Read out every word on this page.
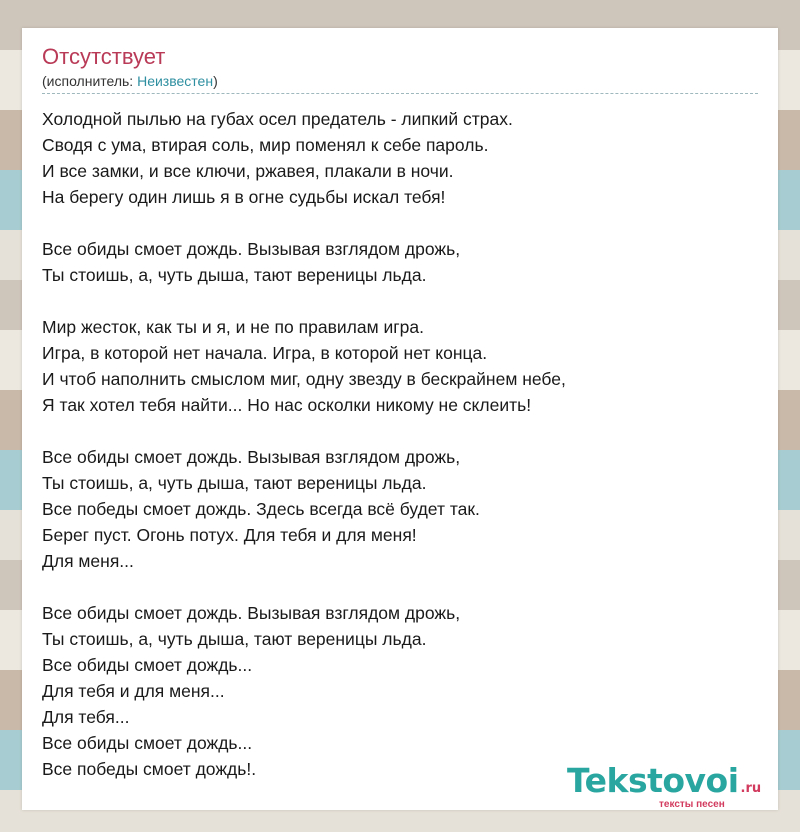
Отсутствует
(исполнитель: Неизвестен)
Холодной пылью на губах осел предатель - липкий страх.
Сводя с ума, втирая соль, мир поменял к себе пароль.
И все замки, и все ключи, ржавея, плакали в ночи.
На берегу один лишь я в огне судьбы искал тебя!
Все обиды смоет дождь. Вызывая взглядом дрожь,
Ты стоишь, а, чуть дыша, тают вереницы льда.
Мир жесток, как ты и я, и не по правилам игра.
Игра, в которой нет начала. Игра, в которой нет конца.
И чтоб наполнить смыслом миг, одну звезду в бескрайнем небе,
Я так хотел тебя найти... Но нас осколки никому не склеить!
Все обиды смоет дождь. Вызывая взглядом дрожь,
Ты стоишь, а, чуть дыша, тают вереницы льда.
Все победы смоет дождь. Здесь всегда всё будет так.
Берег пуст. Огонь потух. Для тебя и для меня!
Для меня...
Все обиды смоет дождь. Вызывая взглядом дрожь,
Ты стоишь, а, чуть дыша, тают вереницы льда.
Все обиды смоет дождь...
Для тебя и для меня...
Для тебя...
Все обиды смоет дождь...
Все победы смоет дождь!.	Tekstovoi .ru
тексты песен
